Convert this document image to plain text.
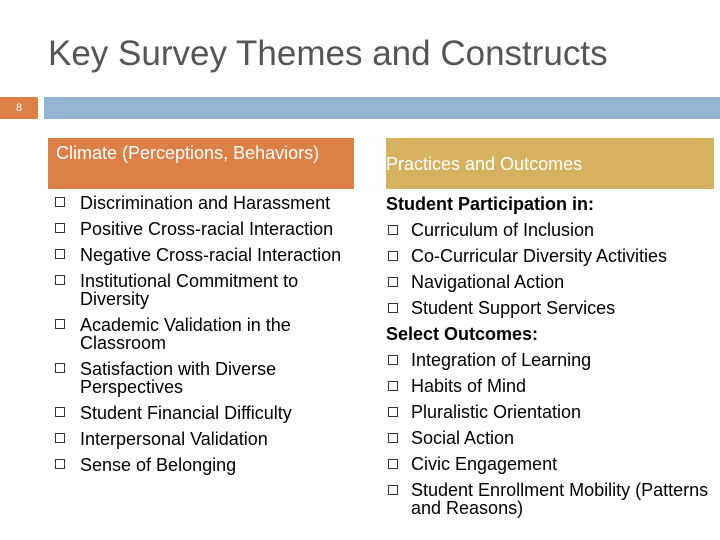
Key Survey Themes and Constructs
8
Climate (Perceptions, Behaviors)
Discrimination and Harassment
Positive Cross-racial Interaction
Negative Cross-racial Interaction
Institutional Commitment to Diversity
Academic Validation in the Classroom
Satisfaction with Diverse Perspectives
Student Financial Difficulty
Interpersonal Validation
Sense of Belonging
Practices and Outcomes
Student Participation in:
Curriculum of Inclusion
Co-Curricular Diversity Activities
Navigational Action
Student Support Services
Select Outcomes:
Integration of Learning
Habits of Mind
Pluralistic Orientation
Social Action
Civic Engagement
Student Enrollment Mobility (Patterns and Reasons)
